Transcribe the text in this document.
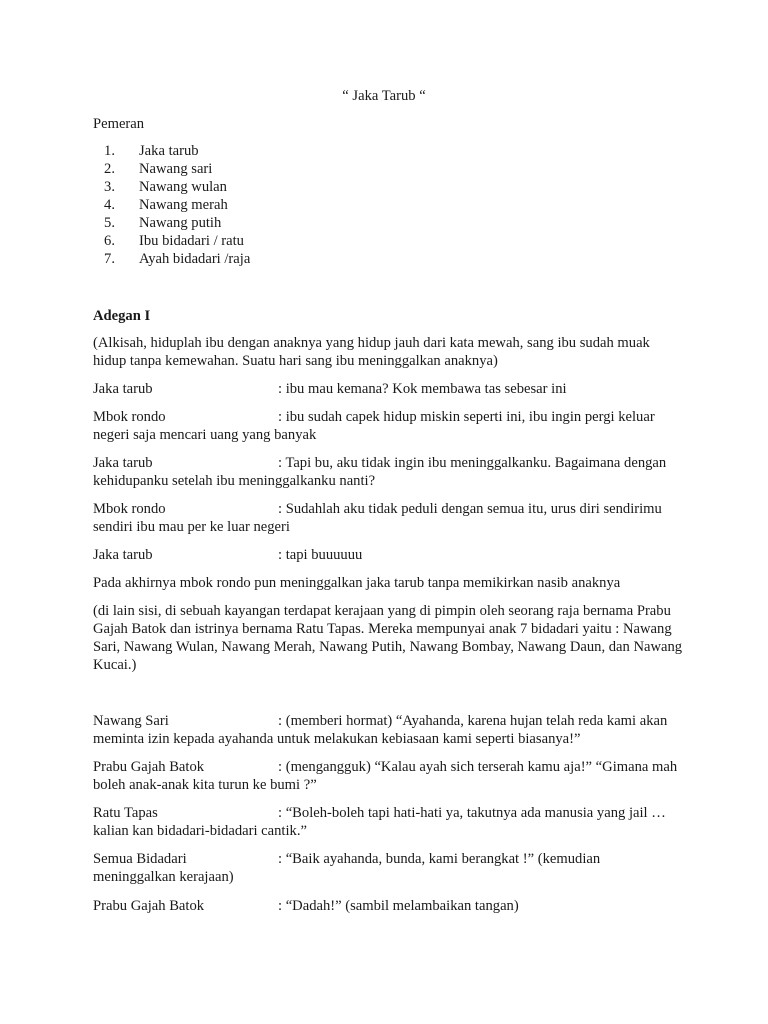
“ Jaka Tarub “
Pemeran
1. Jaka tarub
2. Nawang sari
3. Nawang wulan
4. Nawang merah
5. Nawang putih
6. Ibu bidadari / ratu
7. Ayah bidadari /raja
Adegan I

(Alkisah, hiduplah ibu dengan anaknya yang hidup jauh dari kata mewah, sang ibu sudah muak hidup tanpa kemewahan. Suatu hari sang ibu meninggalkan anaknya)

Jaka tarub	: ibu mau kemana? Kok membawa tas sebesar ini
Mbok rondo	: ibu sudah capek hidup miskin seperti ini, ibu ingin pergi keluar negeri saja mencari uang yang banyak
Jaka tarub	: Tapi bu, aku tidak ingin ibu meninggalkanku. Bagaimana dengan kehidupanku setelah ibu meninggalkanku nanti?
Mbok rondo	: Sudahlah aku tidak peduli dengan semua itu, urus diri sendirimu sendiri ibu mau per ke luar negeri
Jaka tarub	: tapi buuuuuu

Pada akhirnya mbok rondo pun meninggalkan jaka tarub tanpa memikirkan nasib anaknya

(di lain sisi, di sebuah kayangan terdapat kerajaan yang di pimpin oleh seorang raja bernama Prabu Gajah Batok dan istrinya bernama Ratu Tapas. Mereka mempunyai anak 7 bidadari yaitu : Nawang Sari, Nawang Wulan, Nawang Merah, Nawang Putih, Nawang Bombay, Nawang Daun, dan Nawang Kucai.)

Nawang Sari	: (memberi hormat) “Ayahanda, karena hujan telah reda kami akan meminta izin kepada ayahanda untuk melakukan kebiasaan kami seperti biasanya!”
Prabu Gajah Batok	: (mengangguk) “Kalau ayah sich terserah kamu aja!” “Gimana mah boleh anak-anak kita turun ke bumi ?”
Ratu Tapas	: “Boleh-boleh tapi hati-hati ya, takutnya ada manusia yang jail … kalian kan bidadari-bidadari cantik.”
Semua Bidadari	: “Baik ayahanda, bunda, kami berangkat !” (kemudian meninggalkan kerajaan)
Prabu Gajah Batok	: “Dadah!” (sambil melambaikan tangan)
